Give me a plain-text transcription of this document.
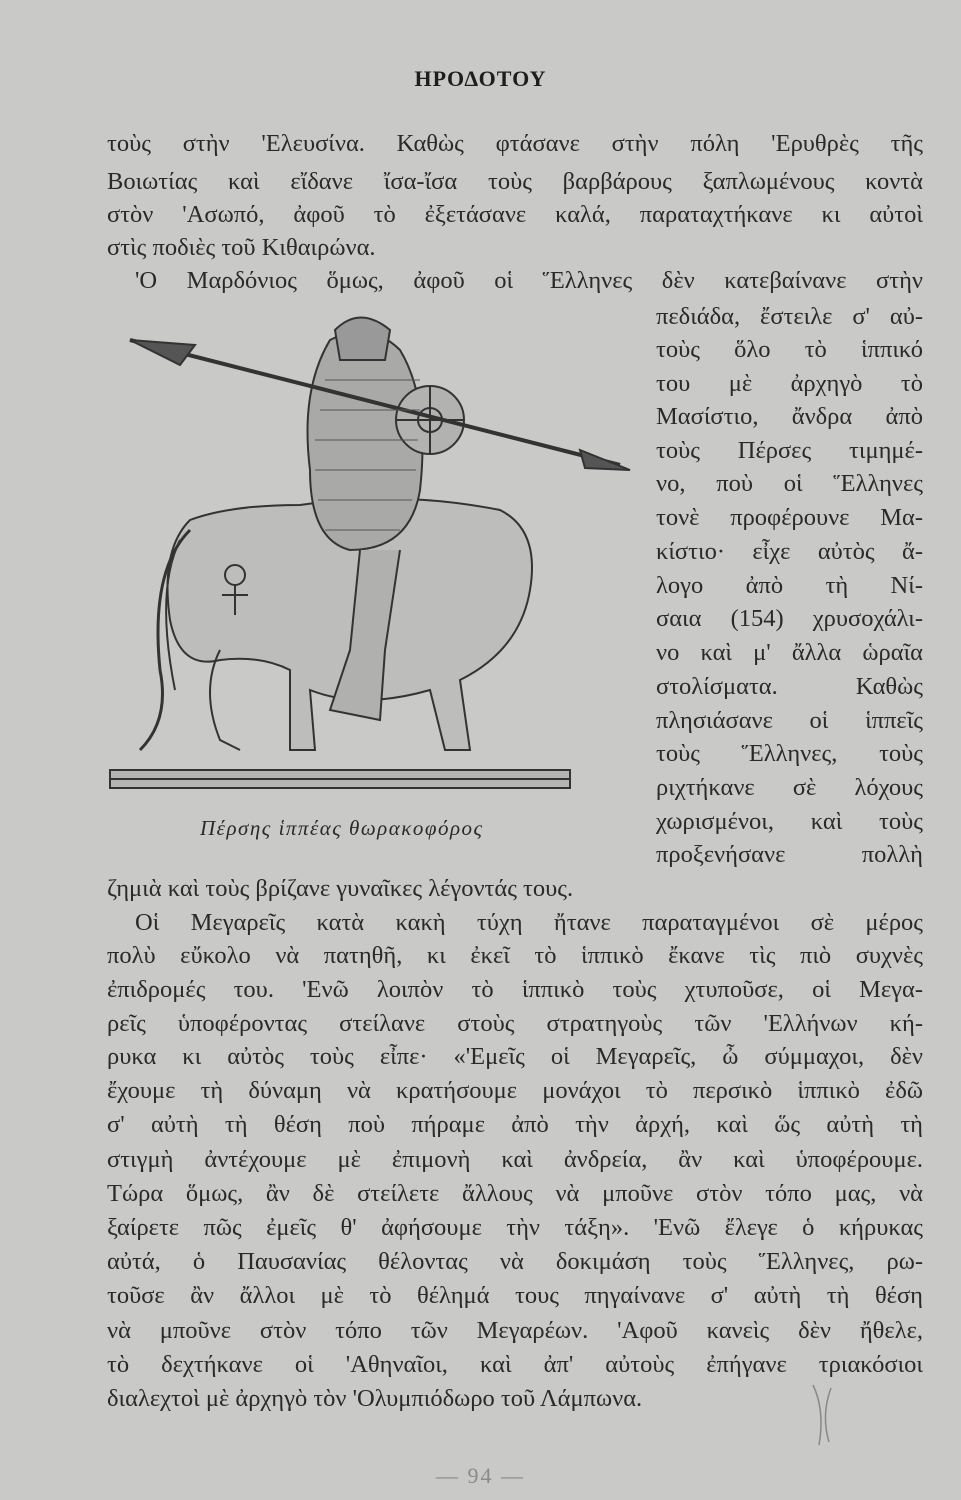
ΗΡΟΔΟΤΟΥ
τοὺς στὴν 'Ελευσίνα. Καθὼς φτάσανε στὴν πόλη 'Ερυθρὲς τῆς
Βοιωτίας καὶ εἴδανε ἴσα-ἴσα τοὺς βαρβάρους ξαπλωμένους κοντὰ
στὸν 'Ασωπό, ἀφοῦ τὸ ἐξετάσανε καλά, παραταχτήκανε κι αὐτοὶ
στὶς ποδιὲς τοῦ Κιθαιρώνα.
'Ο Μαρδόνιος ὅμως, ἀφοῦ οἱ Ἕλληνες δὲν κατεβαίνανε στὴν
πεδιάδα, ἔστειλε σ' αὐ-
τοὺς ὅλο τὸ ἱππικό
του μὲ ἀρχηγὸ τὸ
Μασίστιο, ἄνδρα ἀπὸ
τοὺς Πέρσες τιμημέ-
νο, ποὺ οἱ Ἕλληνες
τονὲ προφέρουνε Μα-
κίστιο· εἶχε αὐτὸς ἄ-
λογο ἀπὸ τὴ Νί-
σαια (154) χρυσοχάλι-
νο καὶ μ' ἄλλα ὡραῖα
στολίσματα. Καθὼς
πλησιάσανε οἱ ἱππεῖς
τοὺς Ἕλληνες, τοὺς
ριχτήκανε σὲ λόχους
χωρισμένοι, καὶ τοὺς
προξενήσανε πολλὴ
Πέρσης ἱππέας θωρακοφόρος
ζημιὰ καὶ τοὺς βρίζανε γυναῖκες λέγοντάς τους.
Οἱ Μεγαρεῖς κατὰ κακὴ τύχη ἤτανε παραταγμένοι σὲ μέρος
πολὺ εὔκολο νὰ πατηθῆ, κι ἐκεῖ τὸ ἱππικὸ ἔκανε τὶς πιὸ συχνὲς
ἐπιδρομές του. 'Ενῶ λοιπὸν τὸ ἱππικὸ τοὺς χτυποῦσε, οἱ Μεγα-
ρεῖς ὑποφέροντας στείλανε στοὺς στρατηγοὺς τῶν 'Ελλήνων κή-
ρυκα κι αὐτὸς τοὺς εἶπε· «'Εμεῖς οἱ Μεγαρεῖς, ὦ σύμμαχοι, δὲν
ἔχουμε τὴ δύναμη νὰ κρατήσουμε μονάχοι τὸ περσικὸ ἱππικὸ ἐδῶ
σ' αὐτὴ τὴ θέση ποὺ πήραμε ἀπὸ τὴν ἀρχή, καὶ ὥς αὐτὴ τὴ
στιγμὴ ἀντέχουμε μὲ ἐπιμονὴ καὶ ἀνδρεία, ἂν καὶ ὑποφέρουμε.
Τώρα ὅμως, ἂν δὲ στείλετε ἄλλους νὰ μποῦνε στὸν τόπο μας, νὰ
ξαίρετε πῶς ἐμεῖς θ' ἀφήσουμε τὴν τάξη». 'Ενῶ ἔλεγε ὁ κήρυκας
αὐτά, ὁ Παυσανίας θέλοντας νὰ δοκιμάση τοὺς Ἕλληνες, ρω-
τοῦσε ἂν ἄλλοι μὲ τὸ θέλημά τους πηγαίνανε σ' αὐτὴ τὴ θέση
νὰ μποῦνε στὸν τόπο τῶν Μεγαρέων. 'Αφοῦ κανεὶς δὲν ἤθελε,
τὸ δεχτήκανε οἱ 'Αθηναῖοι, καὶ ἀπ' αὐτοὺς ἐπήγανε τριακόσιοι
διαλεχτοὶ μὲ ἀρχηγὸ τὸν 'Ολυμπιόδωρο τοῦ Λάμπωνα.
— 94 —
